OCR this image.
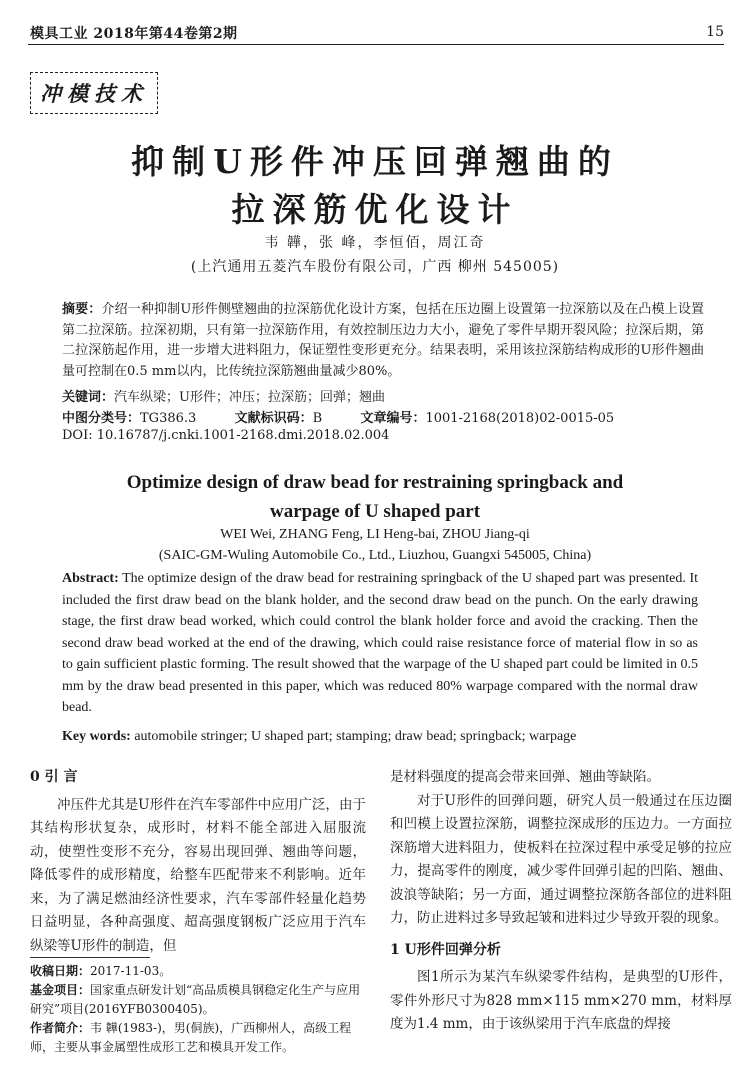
模具工业 2018年第44卷第2期	15
冲模技术
抑制U形件冲压回弹翘曲的
拉深筋优化设计
韦 韡，张 峰，李恒佰，周江奇
(上汽通用五菱汽车股份有限公司，广西 柳州 545005)
摘要：介绍一种抑制U形件侧壁翘曲的拉深筋优化设计方案，包括在压边圈上设置第一拉深筋以及在凸模上设置第二拉深筋。拉深初期，只有第一拉深筋作用，有效控制压边力大小，避免了零件早期开裂风险；拉深后期，第二拉深筋起作用，进一步增大进料阻力，保证塑性变形更充分。结果表明，采用该拉深筋结构成形的U形件翘曲量可控制在0.5 mm以内，比传统拉深筋翘曲量减少80%。
关键词：汽车纵梁；U形件；冲压；拉深筋；回弹；翘曲
中图分类号：TG386.3	文献标识码：B	文章编号：1001-2168(2018)02-0015-05
DOI: 10.16787/j.cnki.1001-2168.dmi.2018.02.004
Optimize design of draw bead for restraining springback and
warpage of U shaped part
WEI Wei, ZHANG Feng, LI Heng-bai, ZHOU Jiang-qi
(SAIC-GM-Wuling Automobile Co., Ltd., Liuzhou, Guangxi 545005, China)
Abstract: The optimize design of the draw bead for restraining springback of the U shaped part was presented. It included the first draw bead on the blank holder, and the second draw bead on the punch. On the early drawing stage, the first draw bead worked, which could control the blank holder force and avoid the cracking. Then the second draw bead worked at the end of the drawing, which could raise resistance force of material flow in so as to gain sufficient plastic forming. The result showed that the warpage of the U shaped part could be limited in 0.5 mm by the draw bead presented in this paper, which was reduced 80% warpage compared with the normal draw bead.
Key words: automobile stringer; U shaped part; stamping; draw bead; springback; warpage

0 引 言

冲压件尤其是U形件在汽车零部件中应用广泛，由于其结构形状复杂，成形时，材料不能全部进入屈服流动，使塑性变形不充分，容易出现回弹、翘曲等问题，降低零件的成形精度，给整车匹配带来不利影响。近年来，为了满足燃油经济性要求，汽车零部件轻量化趋势日益明显，各种高强度、超高强度钢板广泛应用于汽车纵梁等U形件的制造，但

是材料强度的提高会带来回弹、翘曲等缺陷。

对于U形件的回弹问题，研究人员一般通过在压边圈和凹模上设置拉深筋，调整拉深成形的压边力。一方面拉深筋增大进料阻力，使板料在拉深过程中承受足够的拉应力，提高零件的刚度，减少零件回弹引起的凹陷、翘曲、波浪等缺陷；另一方面，通过调整拉深筋各部位的进料阻力，防止进料过多导致起皱和进料过少导致开裂的现象。

1 U形件回弹分析

图1所示为某汽车纵梁零件结构，是典型的U形件，零件外形尺寸为828 mm×115 mm×270 mm，材料厚度为1.4 mm，由于该纵梁用于汽车底盘的焊接

收稿日期：2017-11-03。

基金项目：国家重点研发计划“高品质模具钢稳定化生产与应用研究”项目(2016YFB0300405)。

作者简介：韦 韡(1983-)，男(侗族)，广西柳州人，高级工程师，主要从事金属塑性成形工艺和模具开发工作。
